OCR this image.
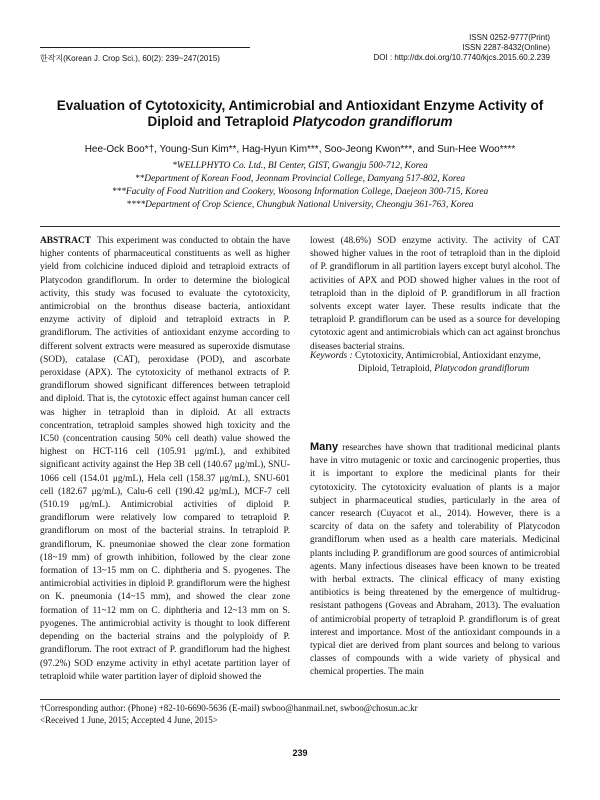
한작지(Korean J. Crop Sci.), 60(2): 239~247(2015)
ISSN 0252-9777(Print)
ISSN 2287-8432(Online)
DOI : http://dx.doi.org/10.7740/kjcs.2015.60.2.239
Evaluation of Cytotoxicity, Antimicrobial and Antioxidant Enzyme Activity of
Diploid and Tetraploid Platycodon grandiflorum
Hee-Ock Boo*†, Young-Sun Kim**, Hag-Hyun Kim***, Soo-Jeong Kwon***, and Sun-Hee Woo****
*WELLPHYTO Co. Ltd., BI Center, GIST, Gwangju 500-712, Korea
**Department of Korean Food, Jeonnam Provincial College, Damyang 517-802, Korea
***Faculty of Food Nutrition and Cookery, Woosong Information College, Daejeon 300-715, Korea
****Department of Crop Science, Chungbuk National University, Cheongju 361-763, Korea
ABSTRACT This experiment was conducted to obtain the have higher contents of pharmaceutical constituents as well as higher yield from colchicine induced diploid and tetraploid extracts of Platycodon grandiflorum. In order to determine the biological activity, this study was focused to evaluate the cytotoxicity, antimicrobial on the bronthus disease bacteria, antioxidant enzyme activity of diploid and tetraploid extracts in P. grandiflorum. The activities of antioxidant enzyme according to different solvent extracts were measured as superoxide dismutase (SOD), catalase (CAT), peroxidase (POD), and ascorbate peroxidase (APX). The cytotoxicity of methanol extracts of P. grandiflorum showed significant differences between tetraploid and diploid. That is, the cytotoxic effect against human cancer cell was higher in tetraploid than in diploid. At all extracts concentration, tetraploid samples showed high toxicity and the IC50 (concentration causing 50% cell death) value showed the highest on HCT-116 cell (105.91 μg/mL), and exhibited significant activity against the Hep 3B cell (140.67 μg/mL), SNU-1066 cell (154.01 μg/mL), Hela cell (158.37 μg/mL), SNU-601 cell (182.67 μg/mL), Calu-6 cell (190.42 μg/mL), MCF-7 cell (510.19 μg/mL). Antimicrobial activities of diploid P. grandiflorum were relatively low compared to tetraploid P. grandiflorum on most of the bacterial strains. In tetraploid P. grandiflorum, K. pneumoniae showed the clear zone formation (18~19 mm) of growth inhibition, followed by the clear zone formation of 13~15 mm on C. diphtheria and S. pyogenes. The antimicrobial activities in diploid P. grandiflorum were the highest on K. pneumonia (14~15 mm), and showed the clear zone formation of 11~12 mm on C. diphtheria and 12~13 mm on S. pyogenes. The antimicrobial activity is thought to look different depending on the bacterial strains and the polyploidy of P. grandiflorum. The root extract of P. grandiflorum had the highest (97.2%) SOD enzyme activity in ethyl acetate partition layer of tetraploid while water partition layer of diploid showed the
lowest (48.6%) SOD enzyme activity. The activity of CAT showed higher values in the root of tetraploid than in the diploid of P. grandiflorum in all partition layers except butyl alcohol. The activities of APX and POD showed higher values in the root of tetraploid than in the diploid of P. grandiflorum in all fraction solvents except water layer. These results indicate that the tetraploid P. grandiflorum can be used as a source for developing cytotoxic agent and antimicrobials which can act against bronchus diseases bacterial strains.
Keywords : Cytotoxicity, Antimicrobial, Antioxidant enzyme,
Diploid, Tetraploid, Platycodon grandiflorum
Many researches have shown that traditional medicinal plants have in vitro mutagenic or toxic and carcinogenic properties, thus it is important to explore the medicinal plants for their cytotoxicity. The cytotoxicity evaluation of plants is a major subject in pharmaceutical studies, particularly in the area of cancer research (Cuyacot et al., 2014). However, there is a scarcity of data on the safety and tolerability of Platycodon grandiflorum when used as a health care materials. Medicinal plants including P. grandiflorum are good sources of antimicrobial agents. Many infectious diseases have been known to be treated with herbal extracts. The clinical efficacy of many existing antibiotics is being threatened by the emergence of multidrug-resistant pathogens (Goveas and Abraham, 2013). The evaluation of antimicrobial property of tetraploid P. grandiflorum is of great interest and importance. Most of the antioxidant compounds in a typical diet are derived from plant sources and belong to various classes of compounds with a wide variety of physical and chemical properties. The main
†Corresponding author: (Phone) +82-10-6690-5636 (E-mail) swboo@hanmail.net, swboo@chosun.ac.kr
<Received 1 June, 2015; Accepted 4 June, 2015>
239
